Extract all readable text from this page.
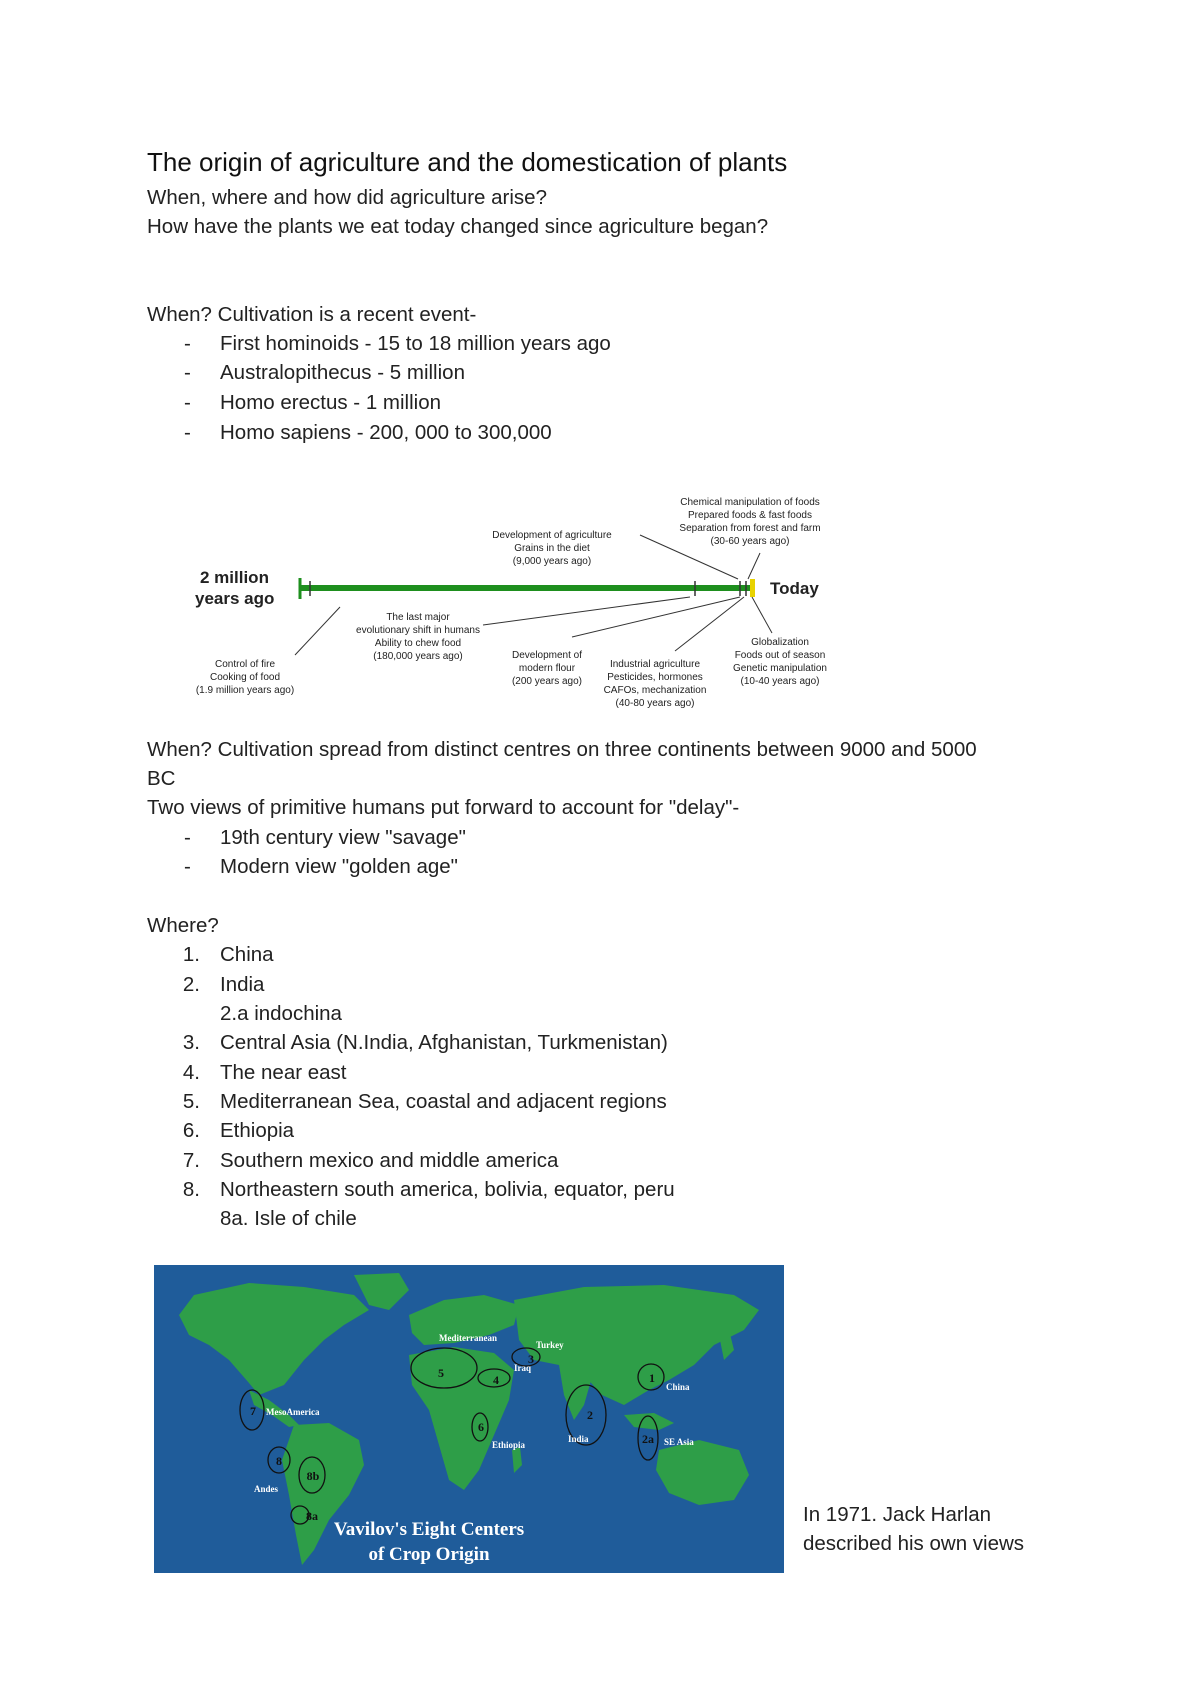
The origin of agriculture and the domestication of plants
When, where and how did agriculture arise?
How have the plants we eat today changed since agriculture began?
When? Cultivation is a recent event-
- First hominoids - 15 to 18 million years ago
- Australopithecus - 5 million
- Homo erectus - 1 million
- Homo sapiens - 200, 000 to 300,000
2 million
years ago
Today
Control of fire
Cooking of food
(1.9 million years ago)
The last major
evolutionary shift in humans
Ability to chew food
(180,000 years ago)
Development of agriculture
Grains in the diet
(9,000 years ago)
Development of
modern flour
(200 years ago)
Industrial agriculture
Pesticides, hormones
CAFOs, mechanization
(40-80 years ago)
Chemical manipulation of foods
Prepared foods & fast foods
Separation from forest and farm
(30-60 years ago)
Globalization
Foods out of season
Genetic manipulation
(10-40 years ago)
When? Cultivation spread from distinct centres on three continents between 9000 and 5000
BC
Two views of primitive humans put forward to account for "delay"-
- 19th century view "savage"
- Modern view "golden age"
Where?
1. China
2. India
2.a indochina
3. Central Asia (N.India, Afghanistan, Turkmenistan)
4. The near east
5. Mediterranean Sea, coastal and adjacent regions
6. Ethiopia
7. Southern mexico and middle america
8. Northeastern south america, bolivia, equator, peru
8a. Isle of chile
5
3
4	1
2
2a
7
6
8
8b
8a
Mediterranean
Turkey
Iraq
China
MesoAmerica
Ethiopia
India	SE Asia
Andes
Vavilov's Eight Centers
of Crop Origin
In 1971. Jack Harlan
described his own views
